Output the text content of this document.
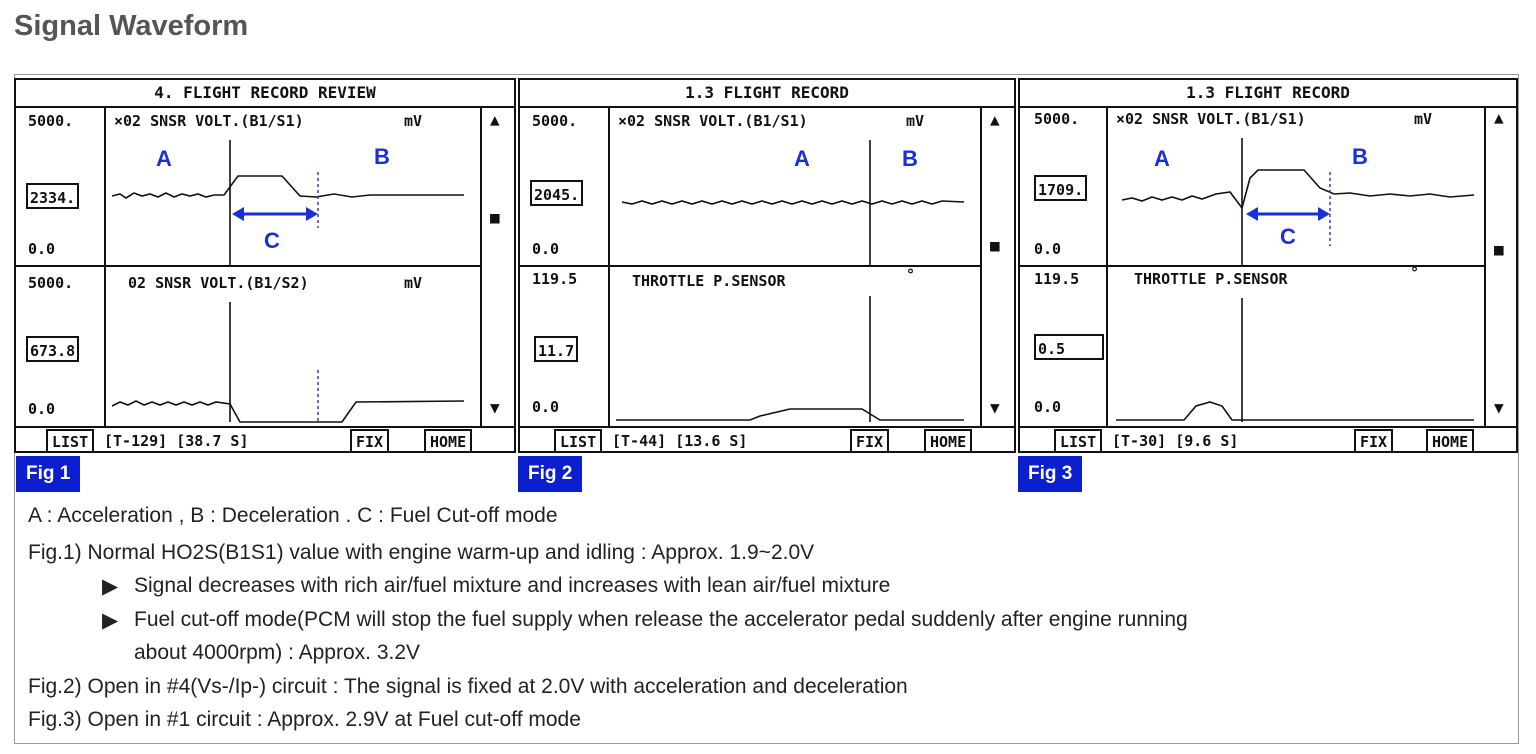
Signal Waveform
4. FLIGHT RECORD REVIEW
5000.
2334.
0.0
×02 SNSR VOLT.(B1/S1)	mV
5000.
673.8
0.0
02 SNSR VOLT.(B1/S2)	mV
▲
■
▼
A	B
C
LIST	[T-129] [38.7 S]	FIX	HOME
1.3 FLIGHT RECORD
5000.
2045.
0.0
×02 SNSR VOLT.(B1/S1)	mV
119.5
11.7
0.0
THROTTLE P.SENSOR	°
▲
■
▼
A	B
LIST	[T-44] [13.6 S]	FIX	HOME
1.3 FLIGHT RECORD
5000.
1709.
0.0
×02 SNSR VOLT.(B1/S1)	mV
119.5
0.5
0.0
THROTTLE P.SENSOR	°
▲
■
▼
A	B
C
LIST	[T-30] [9.6 S]	FIX	HOME
Fig 1	Fig 2	Fig 3
A : Acceleration , B : Deceleration . C : Fuel Cut-off mode
Fig.1) Normal HO2S(B1S1) value with engine warm-up and idling : Approx. 1.9~2.0V
▶ Signal decreases with rich air/fuel mixture and increases with lean air/fuel mixture
▶ Fuel cut-off mode(PCM will stop the fuel supply when release the accelerator pedal suddenly after engine running
about 4000rpm) : Approx. 3.2V
Fig.2) Open in #4(Vs-/Ip-) circuit : The signal is fixed at 2.0V with acceleration and deceleration
Fig.3) Open in #1 circuit : Approx. 2.9V at Fuel cut-off mode
